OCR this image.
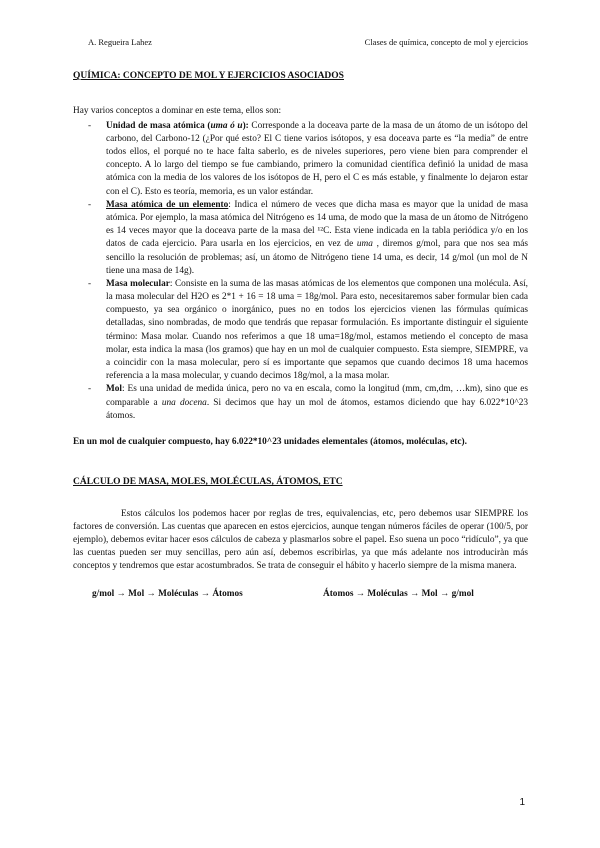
A. Regueira Lahez	Clases de química, concepto de mol y ejercicios
QUÍMICA: CONCEPTO DE MOL Y EJERCICIOS ASOCIADOS

Hay varios conceptos a dominar en este tema, ellos son:

- Unidad de masa atómica (uma ó u): Corresponde a la doceava parte de la masa de un átomo de un isótopo del carbono, del Carbono-12 (¿Por qué esto? El C tiene varios isótopos, y esa doceava parte es “la media” de entre todos ellos, el porqué no te hace falta saberlo, es de niveles superiores, pero viene bien para comprender el concepto. A lo largo del tiempo se fue cambiando, primero la comunidad científica definió la unidad de masa atómica con la media de los valores de los isótopos de H, pero el C es más estable, y finalmente lo dejaron estar con el C). Esto es teoría, memoria, es un valor estándar.
- Masa atómica de un elemento: Indica el número de veces que dicha masa es mayor que la unidad de masa atómica. Por ejemplo, la masa atómica del Nitrógeno es 14 uma, de modo que la masa de un átomo de Nitrógeno es 14 veces mayor que la doceava parte de la masa del ¹²C. Esta viene indicada en la tabla periódica y/o en los datos de cada ejercicio. Para usarla en los ejercicios, en vez de uma , diremos g/mol, para que nos sea más sencillo la resolución de problemas; así, un átomo de Nitrógeno tiene 14 uma, es decir, 14 g/mol (un mol de N tiene una masa de 14g).
- Masa molecular: Consiste en la suma de las masas atómicas de los elementos que componen una molécula. Así, la masa molecular del H2O es 2*1 + 16 = 18 uma = 18g/mol. Para esto, necesitaremos saber formular bien cada compuesto, ya sea orgánico o inorgánico, pues no en todos los ejercicios vienen las fórmulas químicas detalladas, sino nombradas, de modo que tendrás que repasar formulación. Es importante distinguir el siguiente término: Masa molar. Cuando nos referimos a que 18 uma=18g/mol, estamos metiendo el concepto de masa molar, esta indica la masa (los gramos) que hay en un mol de cualquier compuesto. Esta siempre, SIEMPRE, va a coincidir con la masa molecular, pero sí es importante que sepamos que cuando decimos 18 uma hacemos referencia a la masa molecular, y cuando decimos 18g/mol, a la masa molar.
- Mol: Es una unidad de medida única, pero no va en escala, como la longitud (mm, cm,dm, …km), sino que es comparable a una docena. Si decimos que hay un mol de átomos, estamos diciendo que hay 6.022*10^23 átomos.

En un mol de cualquier compuesto, hay 6.022*10^23 unidades elementales (átomos, moléculas, etc).

CÁLCULO DE MASA, MOLES, MOLÉCULAS, ÁTOMOS, ETC

Estos cálculos los podemos hacer por reglas de tres, equivalencias, etc, pero debemos usar SIEMPRE los factores de conversión. Las cuentas que aparecen en estos ejercicios, aunque tengan números fáciles de operar (100/5, por ejemplo), debemos evitar hacer esos cálculos de cabeza y plasmarlos sobre el papel. Eso suena un poco “ridículo”, ya que las cuentas pueden ser muy sencillas, pero aún así, debemos escribirlas, ya que más adelante nos introduciràn más conceptos y tendremos que estar acostumbrados. Se trata de conseguir el hábito y hacerlo siempre de la misma manera.

g/mol → Mol → Moléculas → Átomos	Átomos → Moléculas → Mol → g/mol
1
